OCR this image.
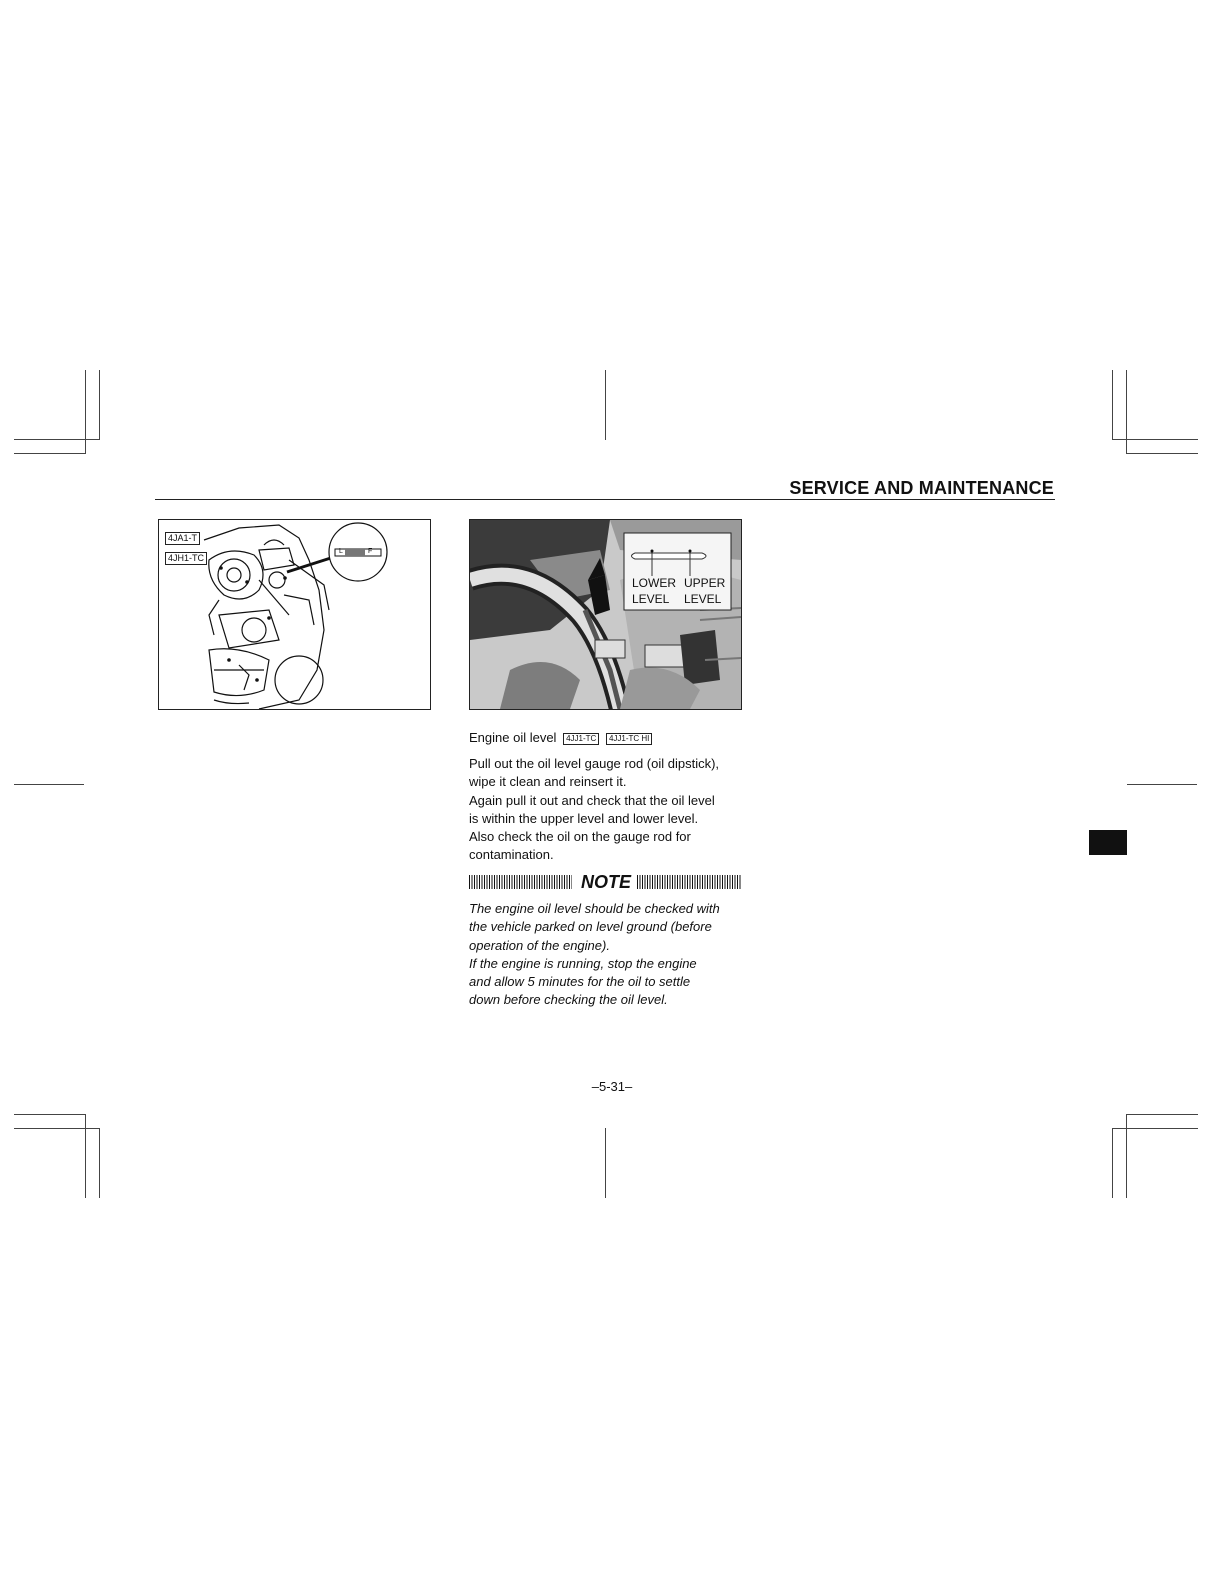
SERVICE AND MAINTENANCE
4JA1-T
4JH1-TC
L	F
LOWER
LEVEL
UPPER
LEVEL
Engine oil level 4JJ1-TC 4JJ1-TC HI

Pull out the oil level gauge rod (oil dipstick),

wipe it clean and reinsert it.

Again pull it out and check that the oil level

is within the upper level and lower level.

Also check the oil on the gauge rod for

contamination.

NOTE

The engine oil level should be checked with

the vehicle parked on level ground (before

operation of the engine).

If the engine is running, stop the engine

and allow 5 minutes for the oil to settle

down before checking the oil level.

–5-31–
